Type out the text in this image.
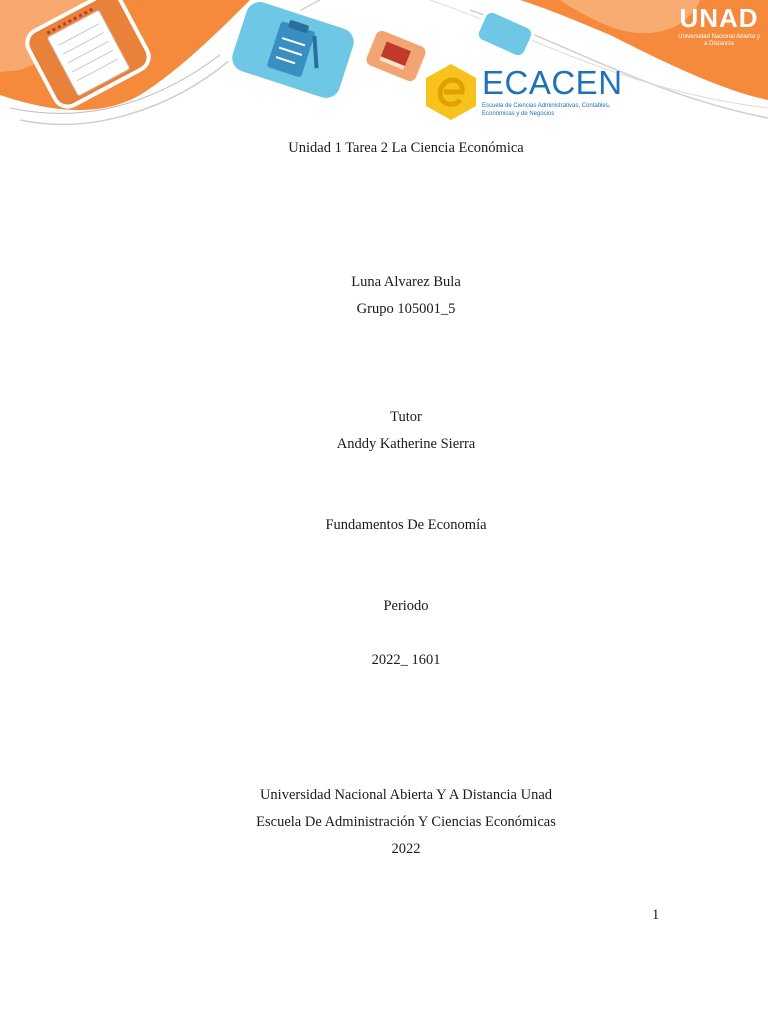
ECACEN
Escuela de Ciencias Administrativas, Contables, Económicas y de Negocios
UNAD
Universidad Nacional Abierta y a Distancia
Unidad 1 Tarea 2 La Ciencia Económica
Luna Alvarez Bula
Grupo 105001_5
Tutor
Anddy Katherine Sierra
Fundamentos De Economía
Periodo
2022_ 1601
Universidad Nacional Abierta Y A Distancia Unad
Escuela De Administración Y Ciencias Económicas
2022
1
